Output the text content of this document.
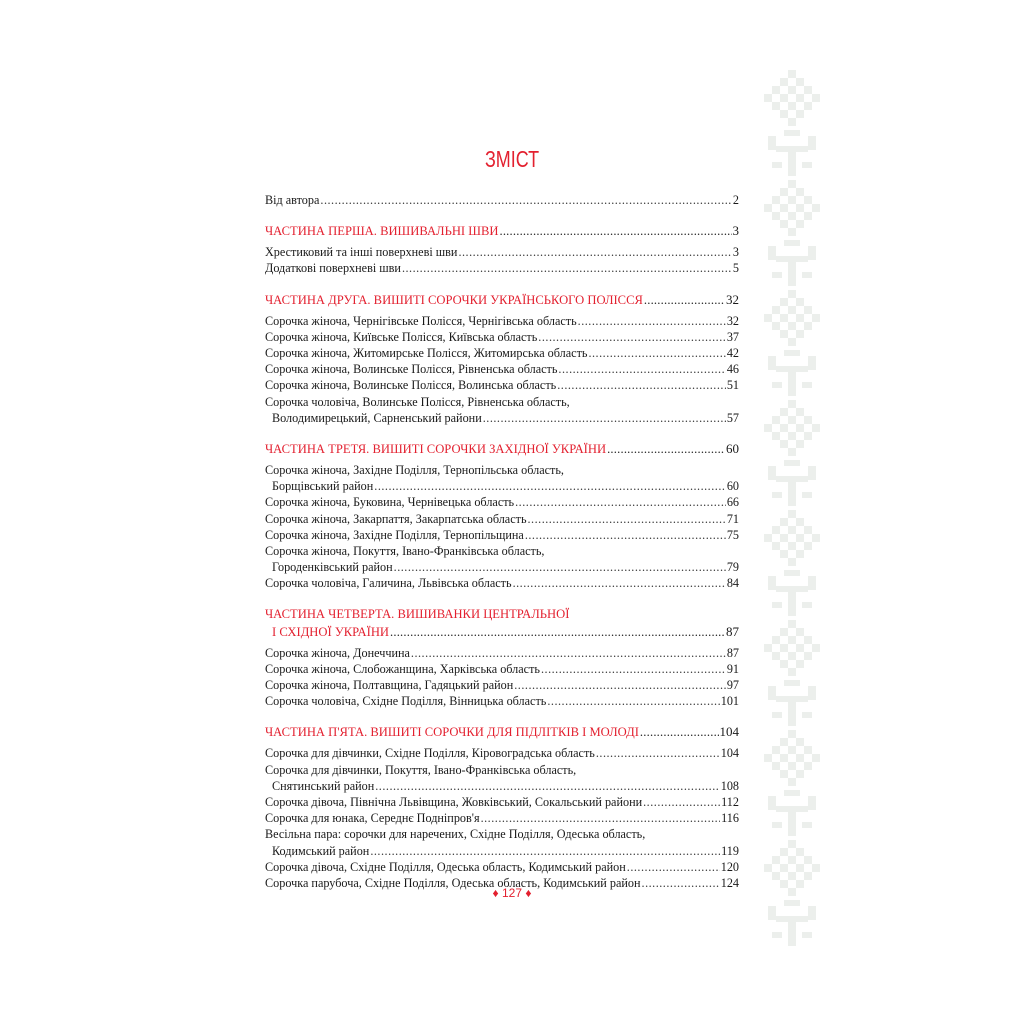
ЗМІСТ
Від автора .....	2
ЧАСТИНА ПЕРША. ВИШИВАЛЬНІ ШВИ .....	3
Хрестиковий та інші поверхневі шви .....	3
Додаткові поверхневі шви .....	5
ЧАСТИНА ДРУГА. ВИШИТІ СОРОЧКИ УКРАЇНСЬКОГО ПОЛІССЯ .....	32
Сорочка жіноча, Чернігівське Полісся, Чернігівська область .....	32
Сорочка жіноча, Київське Полісся, Київська область .....	37
Сорочка жіноча, Житомирське Полісся, Житомирська область .....	42
Сорочка жіноча, Волинське Полісся, Рівненська область .....	46
Сорочка жіноча, Волинське Полісся, Волинська область .....	51
Сорочка чоловіча, Волинське Полісся, Рівненська область,
Володимирецький, Сарненський райони .....	57
ЧАСТИНА ТРЕТЯ. ВИШИТІ СОРОЧКИ ЗАХІДНОЇ УКРАЇНИ .....	60
Сорочка жіноча, Західне Поділля, Тернопільська область,
Борщівський район .....	60
Сорочка жіноча, Буковина, Чернівецька область .....	66
Сорочка жіноча, Закарпаття, Закарпатська область .....	71
Сорочка жіноча, Західне Поділля, Тернопільщина .....	75
Сорочка жіноча, Покуття, Івано-Франківська область,
Городенківський район .....	79
Сорочка чоловіча, Галичина, Львівська область .....	84
ЧАСТИНА ЧЕТВЕРТА. ВИШИВАНКИ ЦЕНТРАЛЬНОЇ
І СХІДНОЇ УКРАЇНИ .....	87
Сорочка жіноча, Донеччина .....	87
Сорочка жіноча, Слобожанщина, Харківська область .....	91
Сорочка жіноча, Полтавщина, Гадяцький район .....	97
Сорочка чоловіча, Східне Поділля, Вінницька область .....	101
ЧАСТИНА П'ЯТА. ВИШИТІ СОРОЧКИ ДЛЯ ПІДЛІТКІВ І МОЛОДІ .....	104
Сорочка для дівчинки, Східне Поділля, Кіровоградська область .....	104
Сорочка для дівчинки, Покуття, Івано-Франківська область,
Снятинський район .....	108
Сорочка дівоча, Північна Львівщина, Жовківський, Сокальський райони .....	112
Сорочка для юнака, Середнє Подніпров'я .....	116
Весільна пара: сорочки для наречених, Східне Поділля, Одеська область,
Кодимський район .....	119
Сорочка дівоча, Східне Поділля, Одеська область, Кодимський район .....	120
Сорочка парубоча, Східне Поділля, Одеська область, Кодимський район .....	124
♦ 127 ♦
